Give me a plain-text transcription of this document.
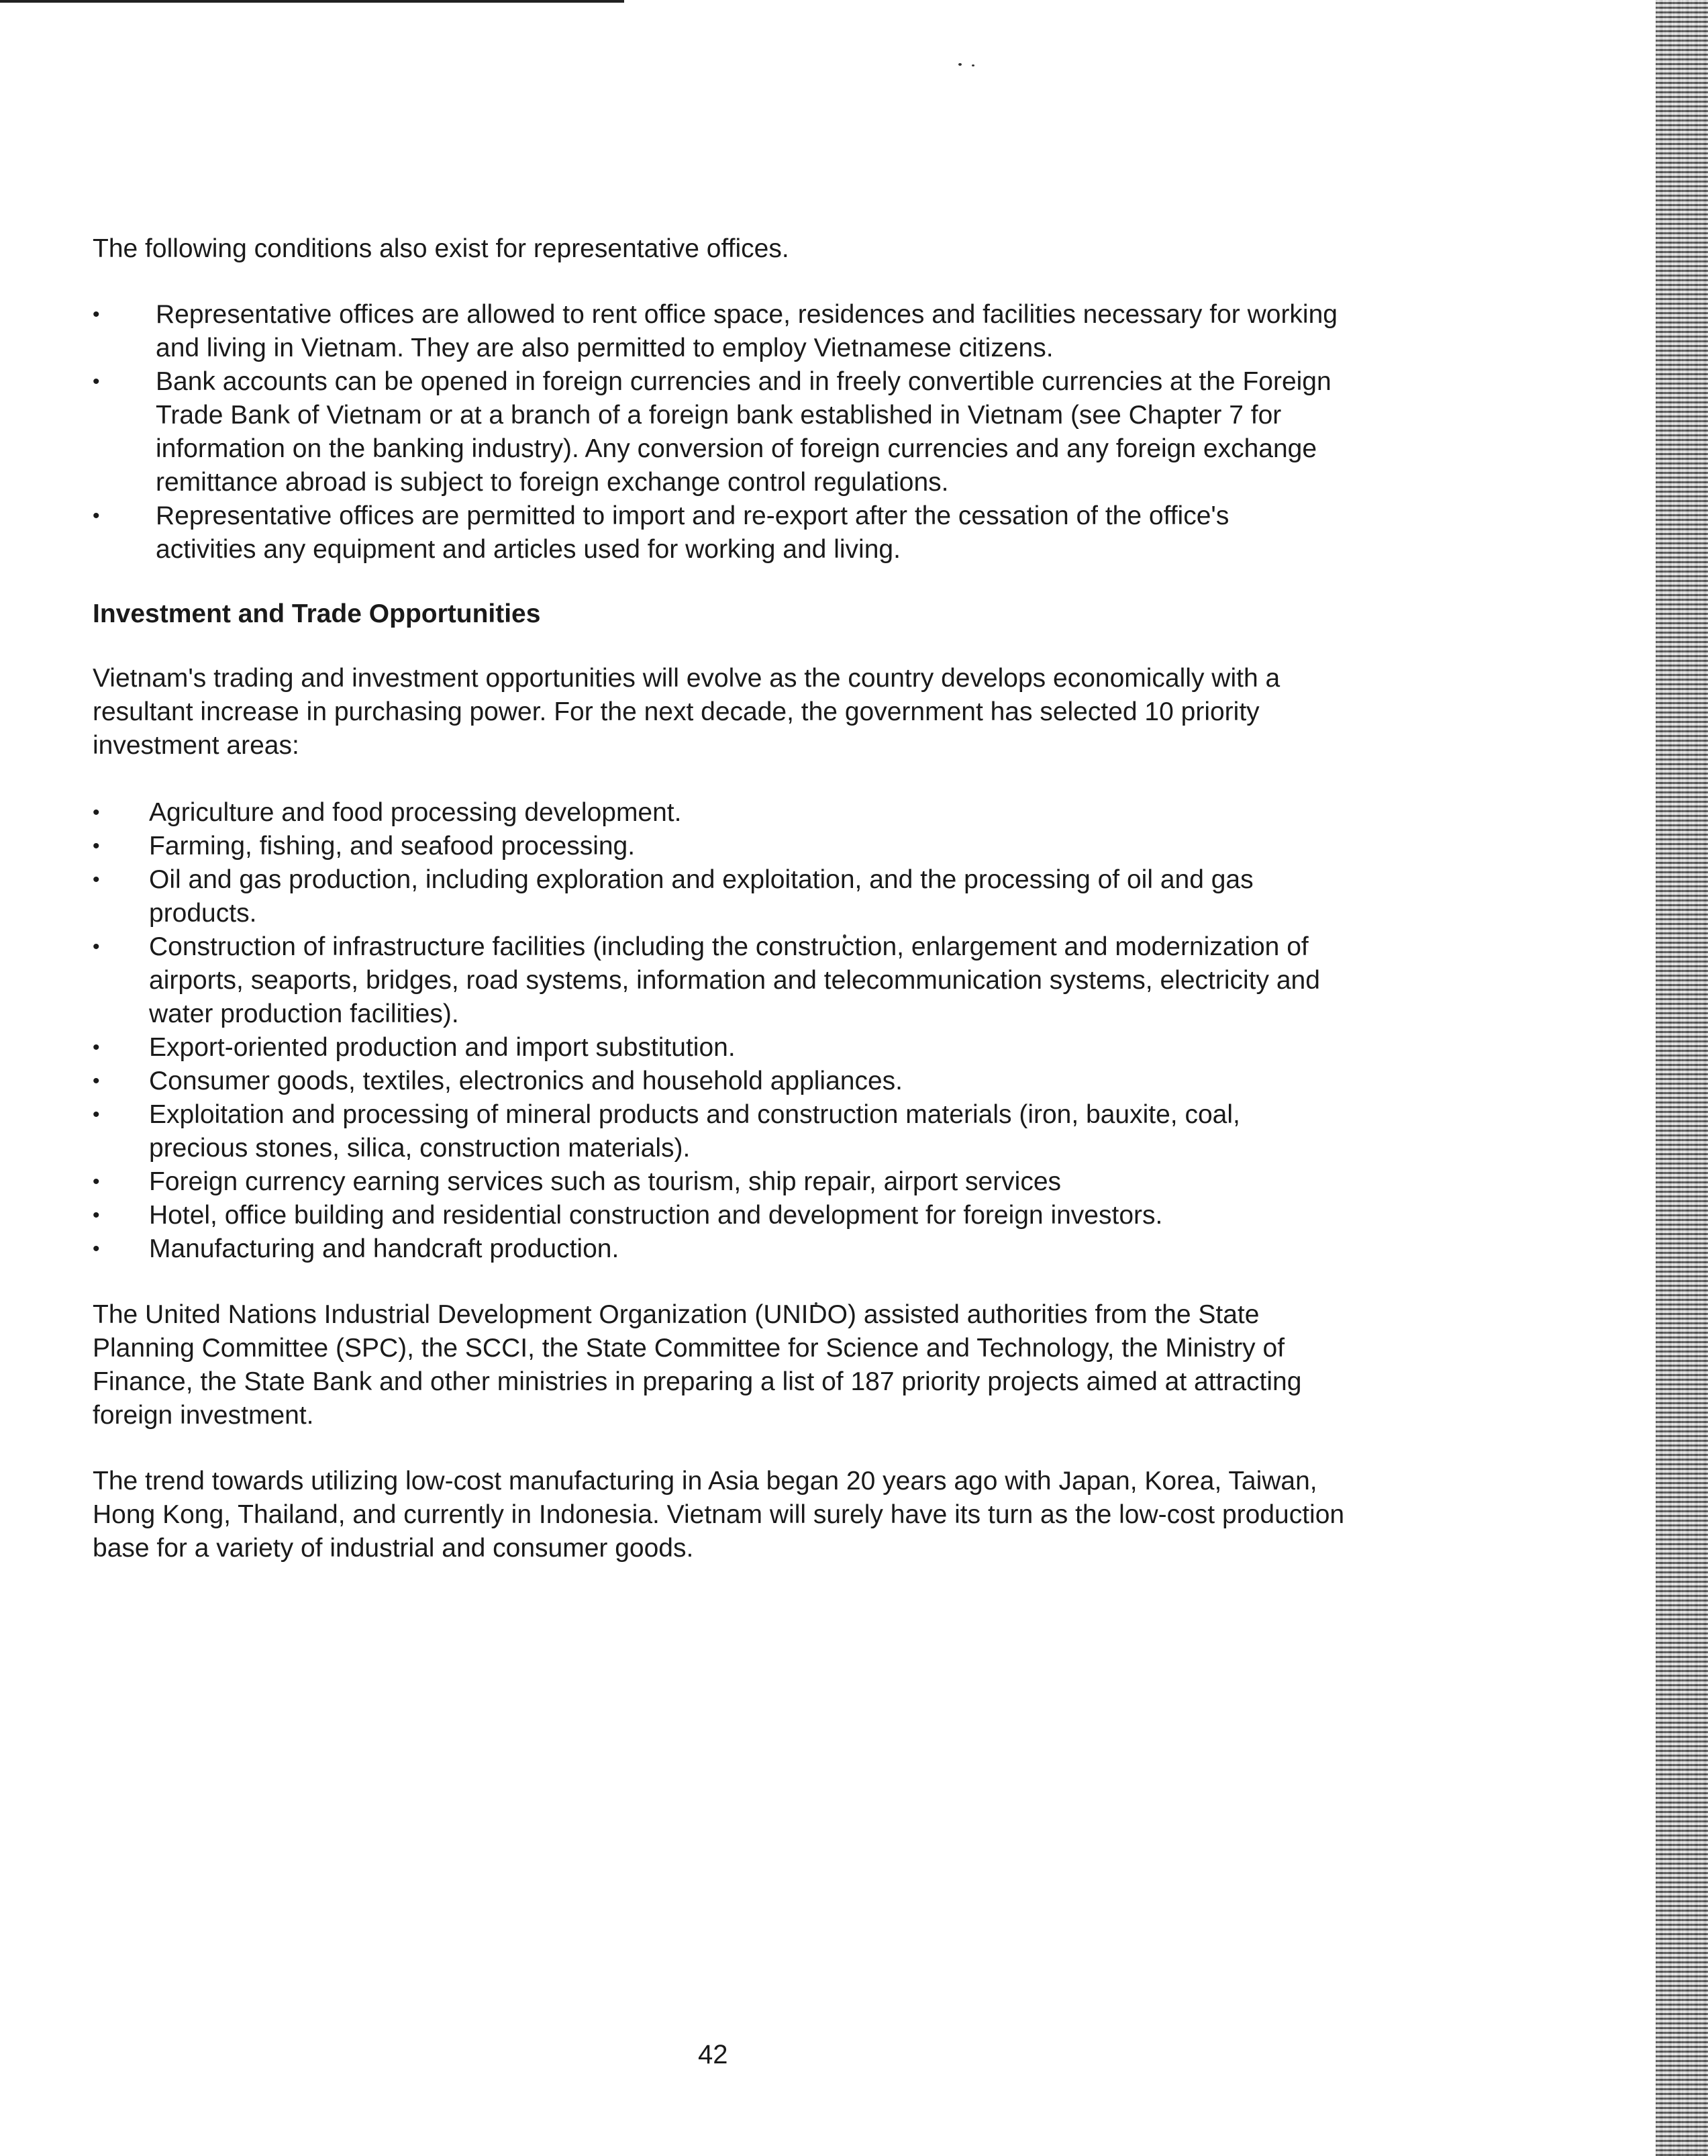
The following conditions also exist for representative offices.

• Representative offices are allowed to rent office space, residences and facilities necessary for working and living in Vietnam. They are also permitted to employ Vietnamese citizens.
• Bank accounts can be opened in foreign currencies and in freely convertible currencies at the Foreign Trade Bank of Vietnam or at a branch of a foreign bank established in Vietnam (see Chapter 7 for information on the banking industry). Any conversion of foreign currencies and any foreign exchange remittance abroad is subject to foreign exchange control regulations.
• Representative offices are permitted to import and re-export after the cessation of the office's activities any equipment and articles used for working and living.
Investment and Trade Opportunities

Vietnam's trading and investment opportunities will evolve as the country develops economically with a resultant increase in purchasing power. For the next decade, the government has selected 10 priority investment areas:

• Agriculture and food processing development.
• Farming, fishing, and seafood processing.
• Oil and gas production, including exploration and exploitation, and the processing of oil and gas products.
• Construction of infrastructure facilities (including the construction, enlargement and modernization of airports, seaports, bridges, road systems, information and telecommunication systems, electricity and water production facilities).
• Export-oriented production and import substitution.
• Consumer goods, textiles, electronics and household appliances.
• Exploitation and processing of mineral products and construction materials (iron, bauxite, coal, precious stones, silica, construction materials).
• Foreign currency earning services such as tourism, ship repair, airport services
• Hotel, office building and residential construction and development for foreign investors.
• Manufacturing and handcraft production.

The United Nations Industrial Development Organization (UNIDO) assisted authorities from the State Planning Committee (SPC), the SCCI, the State Committee for Science and Technology, the Ministry of Finance, the State Bank and other ministries in preparing a list of 187 priority projects aimed at attracting foreign investment.

The trend towards utilizing low-cost manufacturing in Asia began 20 years ago with Japan, Korea, Taiwan, Hong Kong, Thailand, and currently in Indonesia. Vietnam will surely have its turn as the low-cost production base for a variety of industrial and consumer goods.

42
